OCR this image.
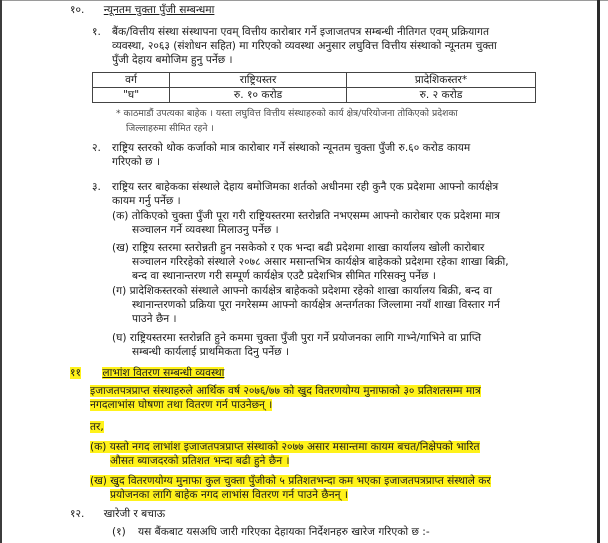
१०. न्यूनतम चुक्ता पुँजी सम्बन्धमा
१. बैंक/वित्तीय संस्था संस्थापना एवम् वित्तीय कारोबार गर्ने इजाजतपत्र सम्बन्धी नीतिगत एवम् प्रक्रियागत
व्यवस्था, २०६३ (संशोधन सहित) मा गरिएको व्यवस्था अनुसार लघुवित्त वित्तीय संस्थाको न्यूनतम चुक्ता
पुँजी देहाय बमोजिम हुनु पर्नेछ ।
वर्ग	राष्ट्रियस्तर	प्रादेशिकस्तर*
"घ"	रु. १० करोड	रु. २ करोड
* काठमाडौं उपत्यका बाहेक । यस्ता लघुवित्त वित्तीय संस्थाहरुको कार्य क्षेत्र/परियोजना तोकिएको प्रदेशका
जिल्लाहरुमा सीमित रहने ।
२. राष्ट्रिय स्तरको थोक कर्जाको मात्र कारोबार गर्ने संस्थाको न्यूनतम चुक्ता पुँजी रु.६० करोड कायम
गरिएको छ ।
३. राष्ट्रिय स्तर बाहेकका संस्थाले देहाय बमोजिमका शर्तको अधीनमा रही कुनै एक प्रदेशमा आफ्नो कार्यक्षेत्र
कायम गर्नु पर्नेछ ।
(क) तोकिएको चुक्ता पुँजी पूरा गरी राष्ट्रियस्तरमा स्तरोन्नति नभएसम्म आफ्नो कारोबार एक प्रदेशमा मात्र
सञ्चालन गर्ने व्यवस्था मिलाउनु पर्नेछ ।
(ख) राष्ट्रिय स्तरमा स्तरोन्नती हुन नसकेको र एक भन्दा बढी प्रदेशमा शाखा कार्यालय खोली कारोबार
सञ्चालन गरिरहेको संस्थाले २०७८ असार मसान्तभित्र कार्यक्षेत्र बाहेकको प्रदेशमा रहेका शाखा बिक्री,
बन्द वा स्थानान्तरण गरी सम्पूर्ण कार्यक्षेत्र एउटै प्रदेशभित्र सीमित गरिसक्नु पर्नेछ ।
(ग) प्रादेशिकस्तरको संस्थाले आफ्नो कार्यक्षेत्र बाहेकको प्रदेशमा रहेको शाखा कार्यालय बिक्री, बन्द वा
स्थानान्तरणको प्रक्रिया पूरा नगरेसम्म आफ्नो कार्यक्षेत्र अन्तर्गतका जिल्लामा नयाँ शाखा विस्तार गर्न
पाउने छैन ।
(घ) राष्ट्रियस्तरमा स्तरोन्नति हुने कममा चुक्ता पुँजी पुरा गर्ने प्रयोजनका लागि गाभ्ने/गाभिने वा प्राप्ति
सम्बन्धी कार्यलाई प्राथमिकता दिनु पर्नेछ ।
११ लाभांश वितरण सम्बन्धी व्यवस्था
इजाजतपत्रप्राप्त संस्थाहरुले आर्थिक वर्ष २०७६/७७ को खुद वितरणयोग्य मुनाफाको ३० प्रतिशतसम्म मात्र
नगदलाभांस घोषणा तथा वितरण गर्न पाउनेछन् ।
तर,
(क) यस्तो नगद लाभांश इजाजतपत्रप्राप्त संस्थाको २०७७ असार मसान्तमा कायम बचत/निक्षेपको भारित
औसत ब्याजदरको प्रतिशत भन्दा बढी हुने छैन ।
(ख) खुद वितरणयोग्य मुनाफा कुल चुक्ता पुँजीको ५ प्रतिशतभन्दा कम भएका इजाजतपत्रप्राप्त संस्थाले कर
प्रयोजनका लागि बाहेक नगद लाभांस वितरण गर्न पाउने छैनन् ।
१२. खारेजी र बचाऊ
(१) यस बैंकबाट यसअघि जारी गरिएका देहायका निर्देशनहरु खारेज गरिएको छ :-
